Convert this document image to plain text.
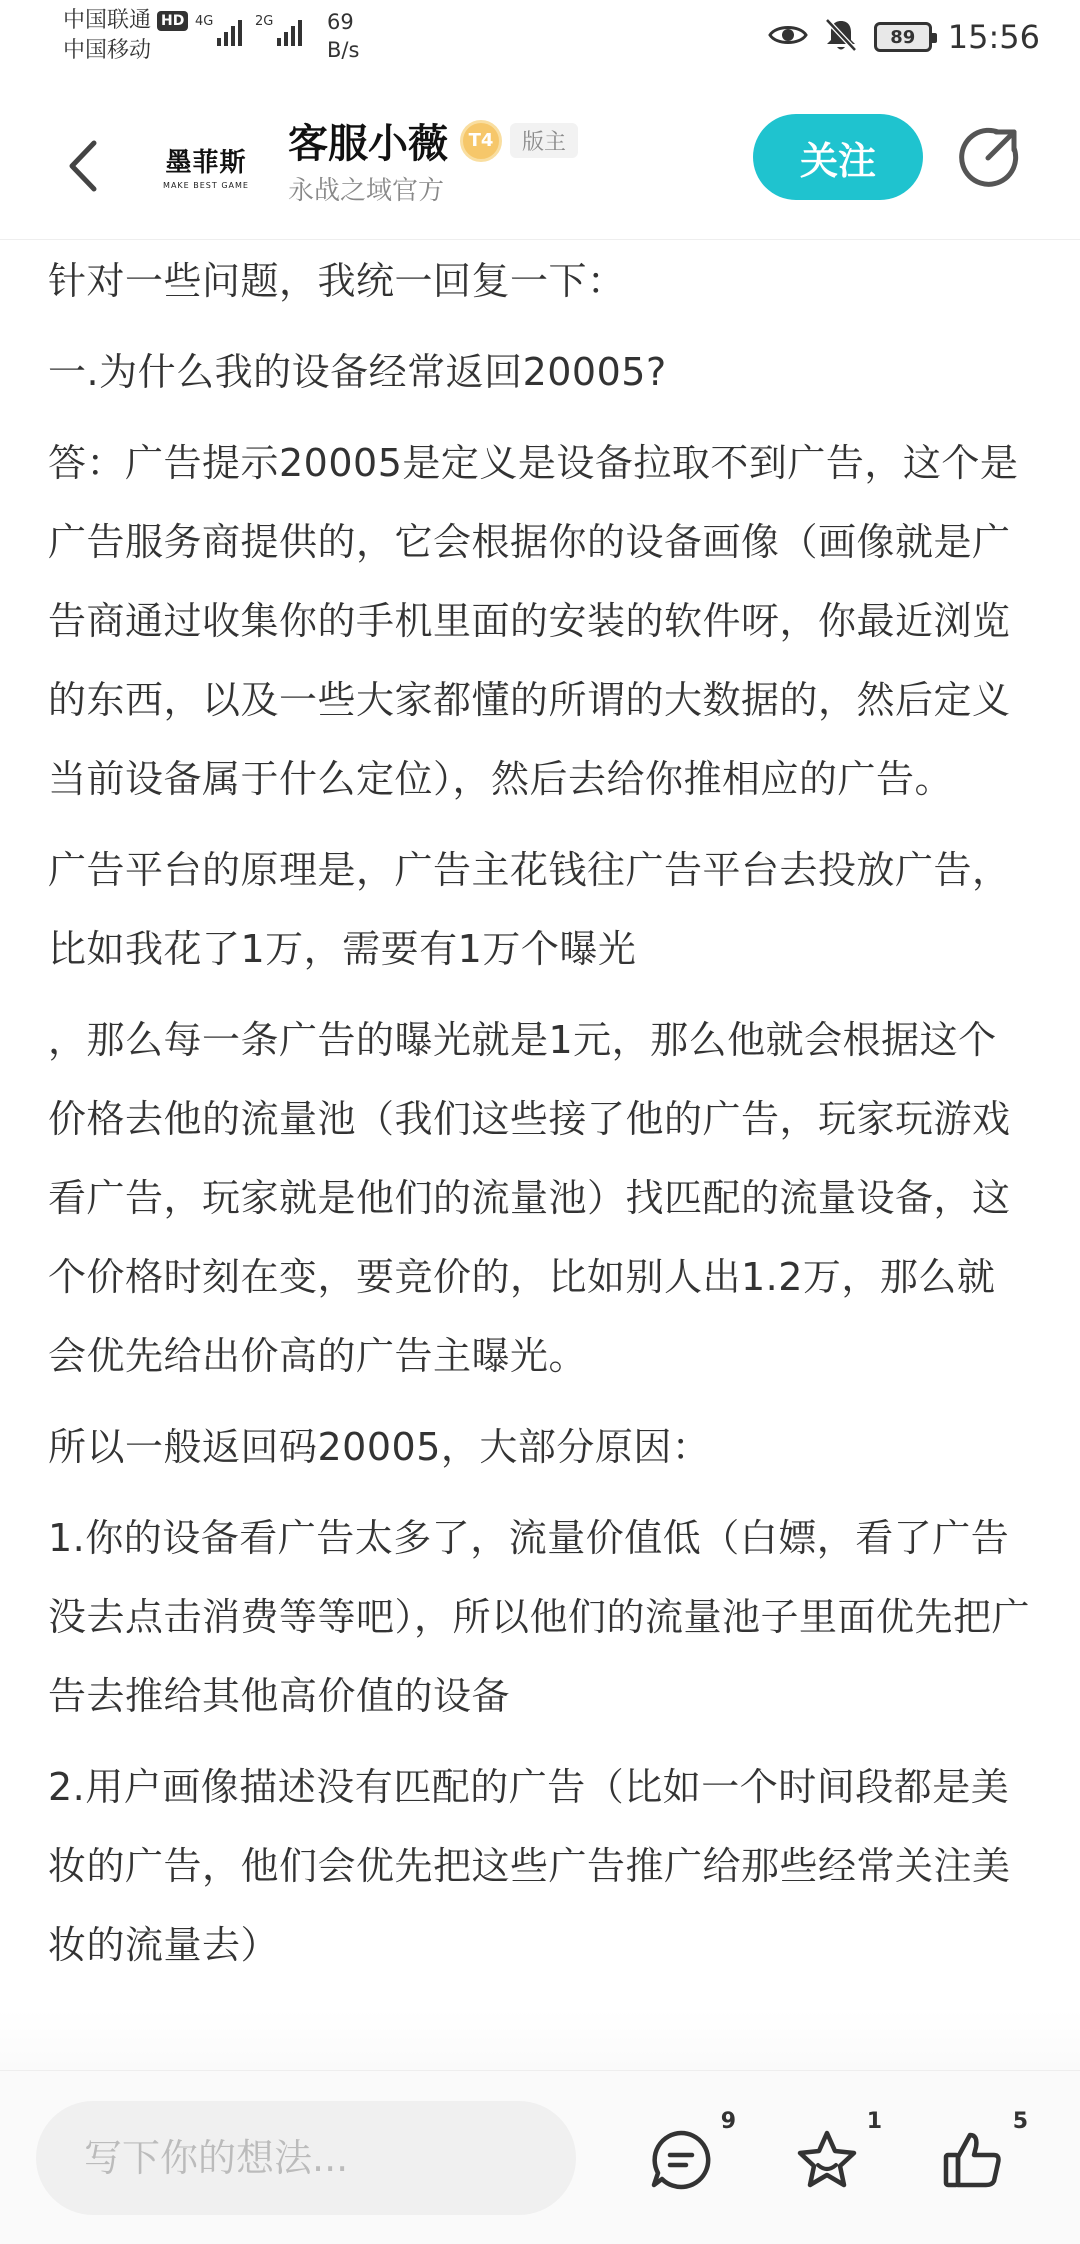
中国联通 HD
中国移动
4G	2G	69
B/s
89 15:56
墨菲斯
MAKE BEST GAME
客服小薇	T4	版主
永战之域官方
关注

针对一些问题，我统一回复一下：

一.为什么我的设备经常返回20005?

答：广告提示20005是定义是设备拉取不到广告，这个是广告服务商提供的，它会根据你的设备画像（画像就是广告商通过收集你的手机里面的安装的软件呀，你最近浏览的东西，以及一些大家都懂的所谓的大数据的，然后定义当前设备属于什么定位），然后去给你推相应的广告。

广告平台的原理是，广告主花钱往广告平台去投放广告，比如我花了1万，需要有1万个曝光

，那么每一条广告的曝光就是1元，那么他就会根据这个价格去他的流量池（我们这些接了他的广告，玩家玩游戏看广告，玩家就是他们的流量池）找匹配的流量设备，这个价格时刻在变，要竞价的，比如别人出1.2万，那么就会优先给出价高的广告主曝光。

所以一般返回码20005，大部分原因：

1.你的设备看广告太多了，流量价值低（白嫖，看了广告没去点击消费等等吧），所以他们的流量池子里面优先把广告去推给其他高价值的设备

2.用户画像描述没有匹配的广告（比如一个时间段都是美妆的广告，他们会优先把这些广告推广给那些经常关注美妆的流量去）

写下你的想法...
9	1	5
